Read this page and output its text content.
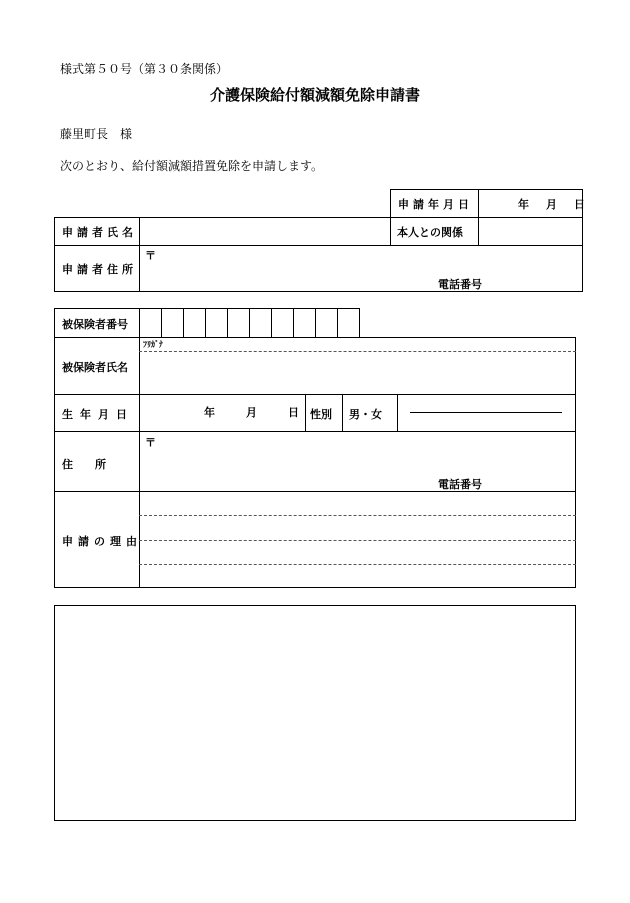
様式第５０号（第３０条関係）
介護保険給付額減額免除申請書
藤里町長　様
次のとおり、給付額減額措置免除を申請します。
申請年月日	年　月　日
申請者氏名	本人との関係
申請者住所
〒
電話番号
被保険者番号
被保険者氏名
ﾌﾘｶﾞﾅ
生年月日	年　　月　　日 性別 男・女
住　　所
〒
電話番号
申請の理由
